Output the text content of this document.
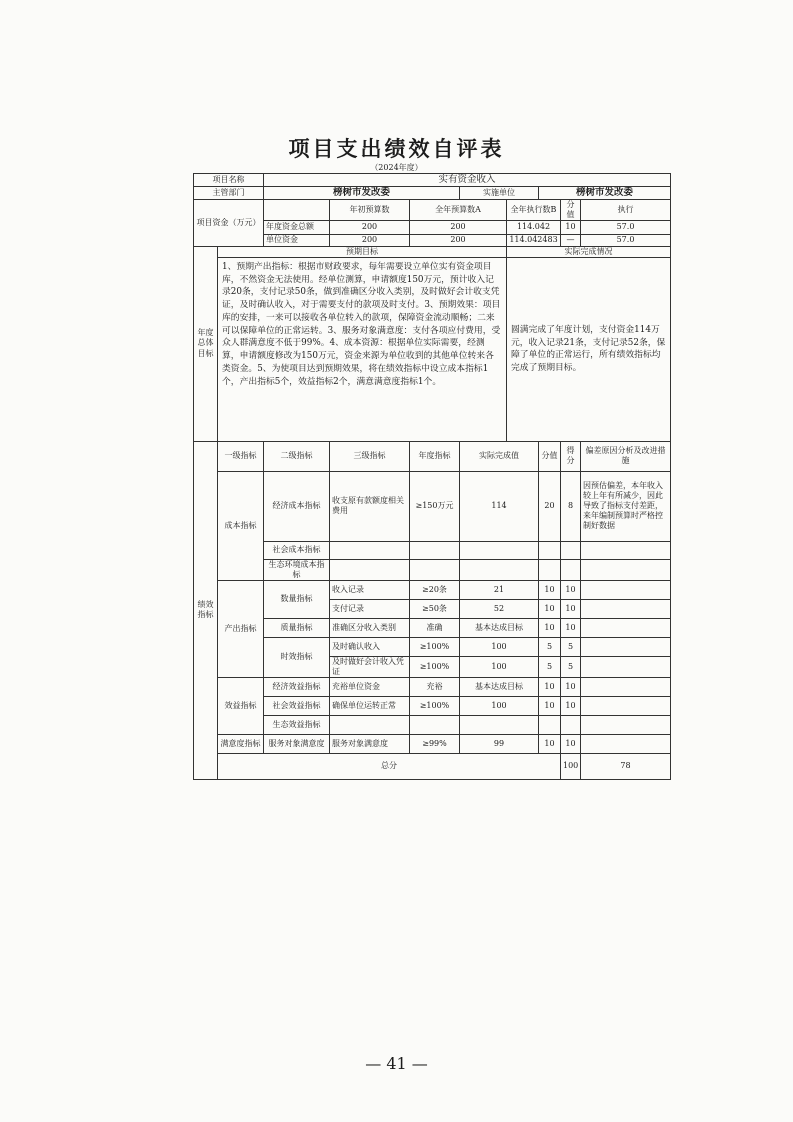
项目支出绩效自评表
（2024年度）
项目名称		实有资金收入								
主管部门		榜树市发改委			实施单位		榜树市发改委			
项目资金（万元）			年初预算数	全年预算数A		全年执行数B		分值	执行	
		年度资金总额	200	200		114.042		10	57.0	
		单位资金	200	200		114.042483		—	57.0	
年度总体目标	预期目标					实际完成情况				
	1、预期产出指标：根据市财政要求，每年需要设立单位实有资金项目库，不然资金无法使用。经单位测算，申请额度150万元，预计收入记录20条，支付记录50条，做到准确区分收入类别，及时做好会计收支凭证，及时确认收入，对于需要支付的款项及时支付。3、预期效果：项目库的安排，一来可以接收各单位转入的款项，保障资金流动顺畅；二来可以保障单位的正常运转。3、服务对象满意度：支付各项应付费用，受众人群满意度不低于99%。4、成本资源：根据单位实际需要，经测算，申请额度修改为150万元，资金来源为单位收到的其他单位转来各类资金。5、为使项目达到预期效果，将在绩效指标中设立成本指标1个，产出指标5个，效益指标2个，满意满意度指标1个。					圆满完成了年度计划，支付资金114万元，收入记录21条，支付记录52条，保障了单位的正常运行，所有绩效指标均完成了预期目标。				
绩效指标	一级指标	二级指标	三级指标	年度指标	实际完成值		分值	得分	偏差原因分析及改进措施	
	成本指标	经济成本指标	收支原有款额度相关费用	≥150万元	114		20	8	因预估偏差，本年收入较上年有所减少，因此导致了指标支付差距，来年编制预算时严格控制好数据	
		社会成本指标								
		生态环境成本指标								
	产出指标	数量指标	收入记录	≥20条	21		10	10		
			支付记录	≥50条	52		10	10		
		质量指标	准确区分收入类别	准确	基本达成目标		10	10		
		时效指标	及时确认收入	≥100%	100		5	5		
			及时做好会计收入凭证	≥100%	100		5	5		
	效益指标	经济效益指标	充裕单位资金	充裕	基本达成目标		10	10		
		社会效益指标	确保单位运转正常	≥100%	100		10	10		
		生态效益指标								
	满意度指标	服务对象满意度	服务对象满意度	≥99%	99		10	10		
	总分							100	78	
— 41 —
